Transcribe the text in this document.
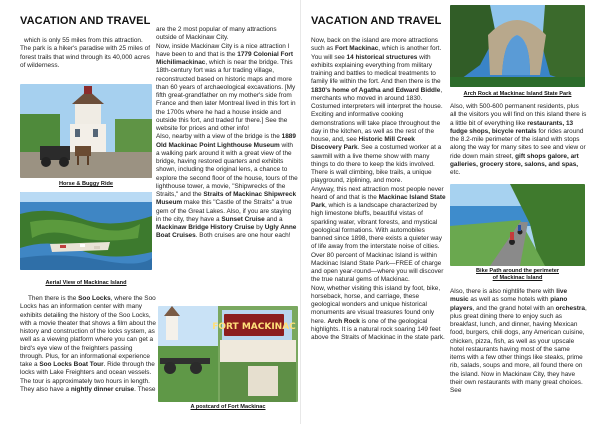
VACATION AND TRAVEL
which is only 55 miles from this attraction. The park is a hiker's paradise with 25 miles of forest trails that wind through its 40,000 acres of wilderness.
Horse & Buggy Ride
Aerial View of Mackinac Island
Then there is the Soo Locks, where the Soo Locks has an information center with many exhibits detailing the history of the Soo Locks, with a movie theater that shows a film about the history and construction of the locks system, as well as a viewing platform where you can get a bird's eye view of the freighters passing through. Plus, for an informational experience take a Soo Locks Boat Tour. Ride through the locks with Lake Freighters and ocean vessels. The tour is approximately two hours in length. They also have a nightly dinner cruise. These
are the 2 most popular of many attractions outside of Mackinaw City.
Now, inside Mackinaw City is a nice attraction I have been to and that is the 1779 Colonial Fort Michilimackinac, which is near the bridge. This 18th-century fort was a fur trading village, reconstructed based on historic maps and more than 60 years of archaeological excavations. [My fifth great-grandfather on my mother's side from France and then later Montreal lived in this fort in the 1700s where he had a house inside and outside this fort, and traded fur there.] See the website for prices and other info!
Also, nearby with a view of the bridge is the 1889 Old Mackinac Point Lighthouse Museum with a walking park around it with a great view of the bridge, having restored quarters and exhibits shown, including the original lens, a chance to explore the second floor of the house, tours of the lighthouse tower, a movie, "Shipwrecks of the Straits," and the Straits of Mackinac Shipwreck Museum make this "Castle of the Straits" a true gem of the Great Lakes. Also, if you are staying in the city, they have a Sunset Cruise and a Mackinaw Bridge History Cruise by Ugly Anne Boat Cruises. Both cruises are one hour each!
FORT MACKINAC
A postcard of Fort Mackinac
VACATION AND TRAVEL
Now, back on the island are more attractions such as Fort Mackinac, which is another fort. You will see 14 historical structures with exhibits explaining everything from military training and battles to medical treatments to family life within the fort. And then there is the 1830's home of Agatha and Edward Biddle, merchants who moved in around 1830. Costumed interpreters will interpret the house. Exciting and informative cooking demonstrations will take place throughout the day in the kitchen, as well as the rest of the house, and, see Historic Mill Creek Discovery Park. See a costumed worker at a sawmill with a live theme show with many things to do there to keep the kids involved. There is wall climbing, bike trails, a unique playground, ziplining, and more.
Anyway, this next attraction most people never heard of and that is the Mackinac Island State Park, which is a landscape characterized by high limestone bluffs, beautiful vistas of sparkling water, vibrant forests, and mystical geological formations. With automobiles banned since 1898, there exists a quieter way of life away from the interstate noise of cities. Over 80 percent of Mackinac Island is within Mackinac Island State Park—FREE of charge and open year-round—where you will discover the true natural gems of Mackinac.
Now, whether visiting this island by foot, bike, horseback, horse, and carriage, these geological wonders and unique historical monuments are visual treasures found only here. Arch Rock is one of the geological highlights. It is a natural rock soaring 149 feet above the Straits of Mackinac in the state park.
Arch Rock at Mackinac Island State Park
Also, with 500-600 permanent residents, plus all the visitors you will find on this island there is a little bit of everything like restaurants, 13 fudge shops, bicycle rentals for rides around the 8.2-mile perimeter of the island with stops along the way for many sites to see and view or ride down main street, gift shops galore, art galleries, grocery store, salons, and spas, etc.
Bike Path around the perimeter
of Mackinac Island
Also, there is also nightlife there with live music as well as some hotels with piano players, and the grand hotel with an orchestra, plus great dining there to enjoy such as breakfast, lunch, and dinner, having Mexican food, burgers, chili dogs, any American cuisine, chicken, pizza, fish, as well as your upscale hotel restaurants having most of the same items with a few other things like steaks, prime rib, salads, soups and more, all found there on the island. Now in Mackinaw City, they have their own restaurants with many great choices. See
